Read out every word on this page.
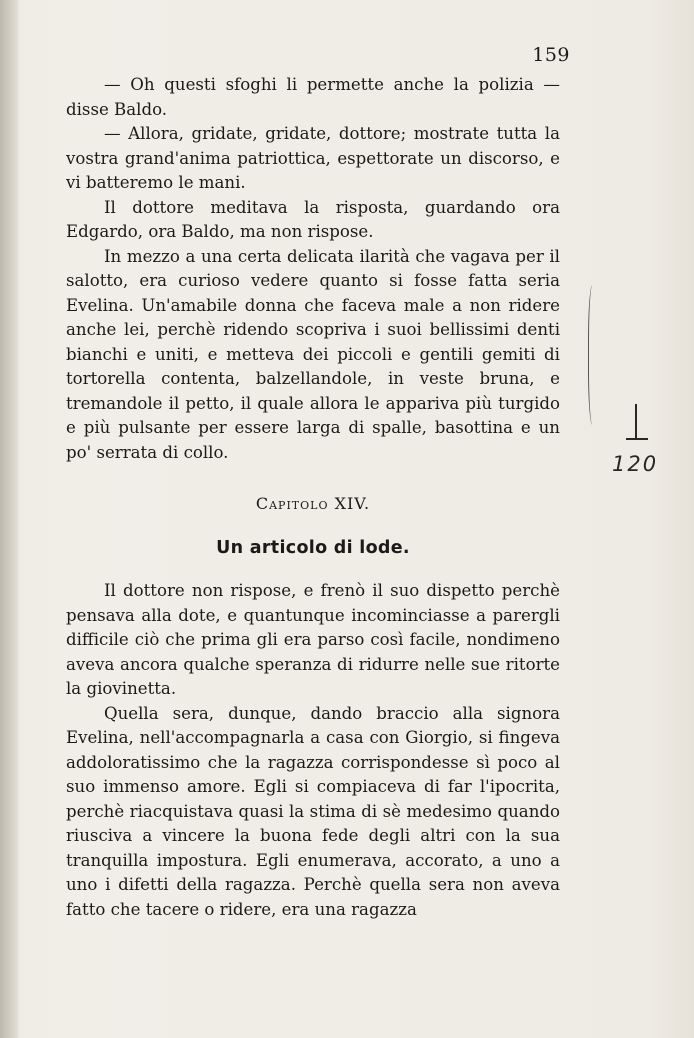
159

— Oh questi sfoghi li permette anche la polizia — disse Baldo.

— Allora, gridate, gridate, dottore; mostrate tutta la vostra grand'anima patriottica, espettorate un discorso, e vi batteremo le mani.

Il dottore meditava la risposta, guardando ora Edgardo, ora Baldo, ma non rispose.

In mezzo a una certa delicata ilarità che vagava per il salotto, era curioso vedere quanto si fosse fatta seria Evelina. Un'amabile donna che faceva male a non ridere anche lei, perchè ridendo scopriva i suoi bellissimi denti bianchi e uniti, e metteva dei piccoli e gentili gemiti di tortorella contenta, balzellandole, in veste bruna, e tremandole il petto, il quale allora le appariva più turgido e più pulsante per essere larga di spalle, basottina e un po' serrata di collo.

Capitolo XIV.
Un articolo di lode.

Il dottore non rispose, e frenò il suo dispetto perchè pensava alla dote, e quantunque incominciasse a parergli difficile ciò che prima gli era parso così facile, nondimeno aveva ancora qualche speranza di ridurre nelle sue ritorte la giovinetta.

Quella sera, dunque, dando braccio alla signora Evelina, nell'accompagnarla a casa con Giorgio, si fingeva addoloratissimo che la ragazza corrispondesse sì poco al suo immenso amore. Egli si compiaceva di far l'ipocrita, perchè riacquistava quasi la stima di sè medesimo quando riusciva a vincere la buona fede degli altri con la sua tranquilla impostura. Egli enumerava, accorato, a uno a uno i difetti della ragazza. Perchè quella sera non aveva fatto che tacere o ridere, era una ragazza

120
